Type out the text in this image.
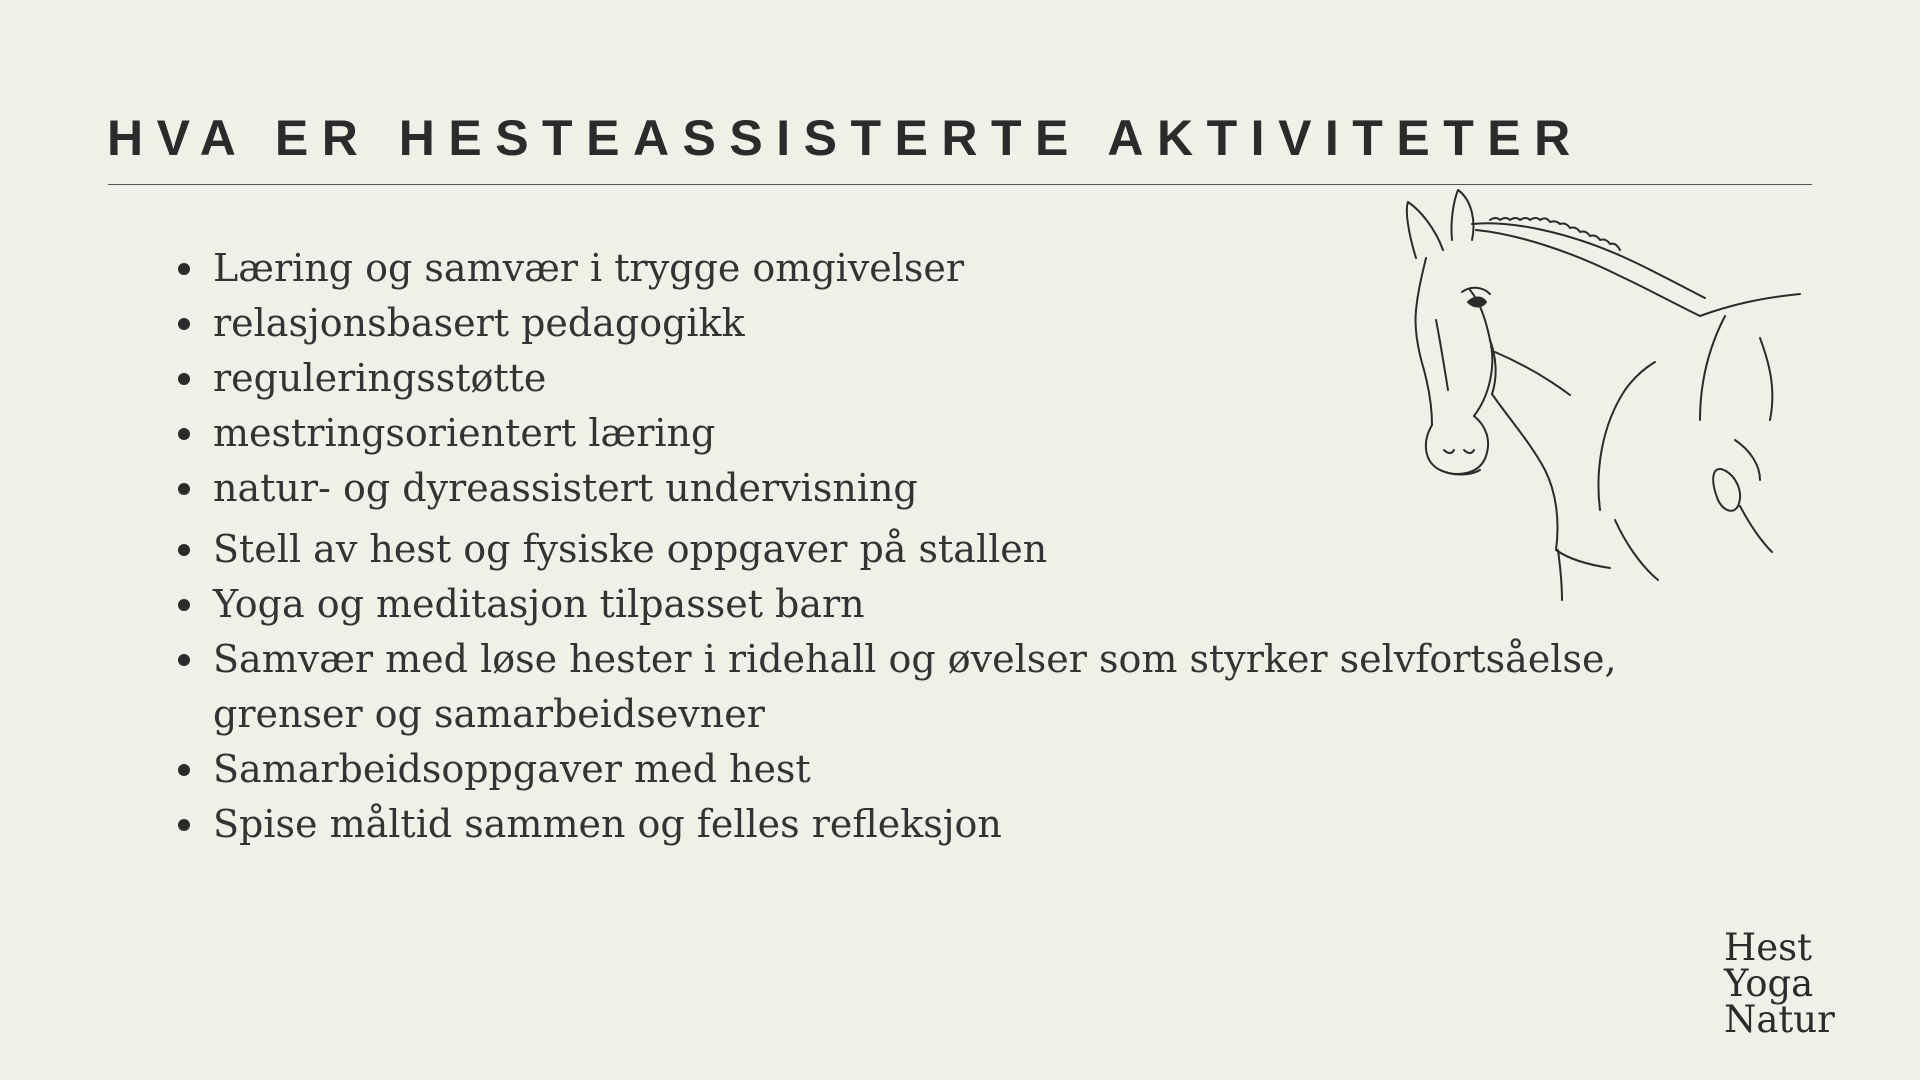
HVA ER HESTEASSISTERTE AKTIVITETER
Læring og samvær i trygge omgivelser
relasjonsbasert pedagogikk
reguleringsstøtte
mestringsorientert læring
natur- og dyreassistert undervisning
Stell av hest og fysiske oppgaver på stallen
Yoga og meditasjon tilpasset barn
Samvær med løse hester i ridehall og øvelser som styrker selvfortsåelse, grenser og samarbeidsevner
Samarbeidsoppgaver med hest
Spise måltid sammen og felles refleksjon
Hest
Yoga
Natur
